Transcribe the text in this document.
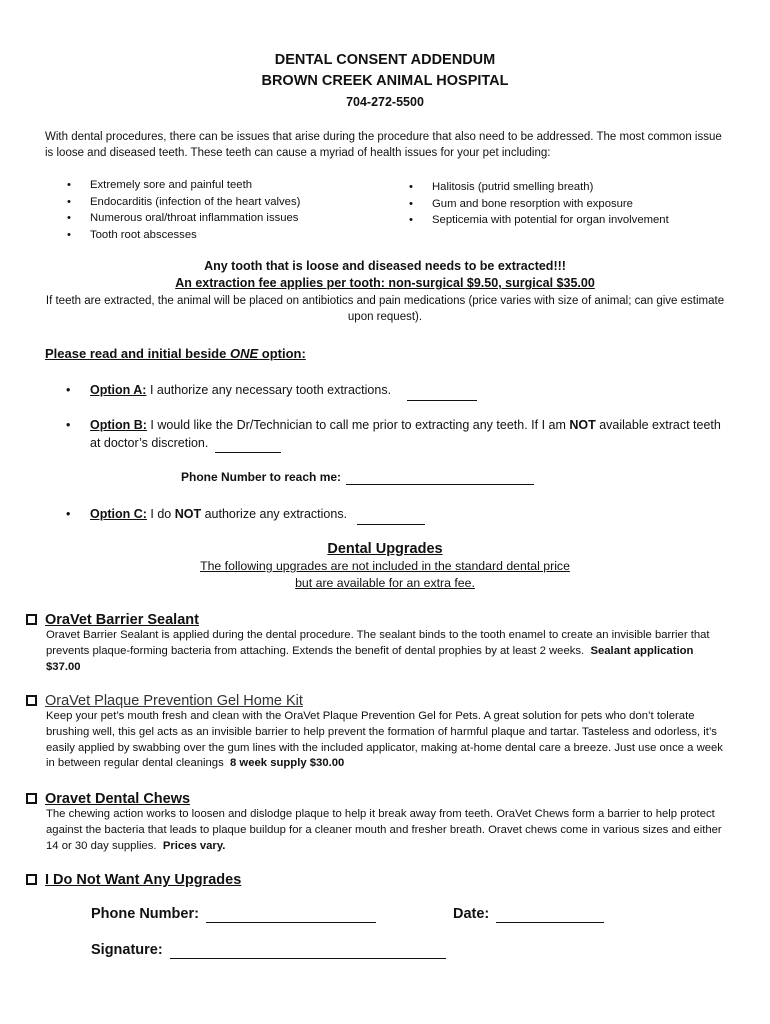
DENTAL CONSENT ADDENDUM
BROWN CREEK ANIMAL HOSPITAL
704-272-5500
With dental procedures, there can be issues that arise during the procedure that also need to be addressed. The most common issue is loose and diseased teeth. These teeth can cause a myriad of health issues for your pet including:
• Extremely sore and painful teeth
• Endocarditis (infection of the heart valves)
• Numerous oral/throat inflammation issues
• Tooth root abscesses
• Halitosis (putrid smelling breath)
• Gum and bone resorption with exposure
• Septicemia with potential for organ involvement
Any tooth that is loose and diseased needs to be extracted!!!
An extraction fee applies per tooth: non-surgical $9.50, surgical $35.00
If teeth are extracted, the animal will be placed on antibiotics and pain medications (price varies with size of animal; can give estimate upon request).
Please read and initial beside ONE option:
•	Option A: I authorize any necessary tooth extractions.
•	Option B: I would like the Dr/Technician to call me prior to extracting any teeth. If I am NOT available extract teeth at doctor’s discretion.
Phone Number to reach me:
•	Option C: I do NOT authorize any extractions.
Dental Upgrades
The following upgrades are not included in the standard dental price
but are available for an extra fee.
OraVet Barrier Sealant
Oravet Barrier Sealant is applied during the dental procedure. The sealant binds to the tooth enamel to create an invisible barrier that prevents plaque-forming bacteria from attaching. Extends the benefit of dental prophies by at least 2 weeks. Sealant application $37.00
OraVet Plaque Prevention Gel Home Kit
Keep your pet’s mouth fresh and clean with the OraVet Plaque Prevention Gel for Pets. A great solution for pets who don’t tolerate brushing well, this gel acts as an invisible barrier to help prevent the formation of harmful plaque and tartar. Tasteless and odorless, it’s easily applied by swabbing over the gum lines with the included applicator, making at-home dental care a breeze. Just use once a week in between regular dental cleanings 8 week supply $30.00
Oravet Dental Chews
The chewing action works to loosen and dislodge plaque to help it break away from teeth. OraVet Chews form a barrier to help protect against the bacteria that leads to plaque buildup for a cleaner mouth and fresher breath. Oravet chews come in various sizes and either 14 or 30 day supplies. Prices vary.
I Do Not Want Any Upgrades
Phone Number:	Date:
Signature:
